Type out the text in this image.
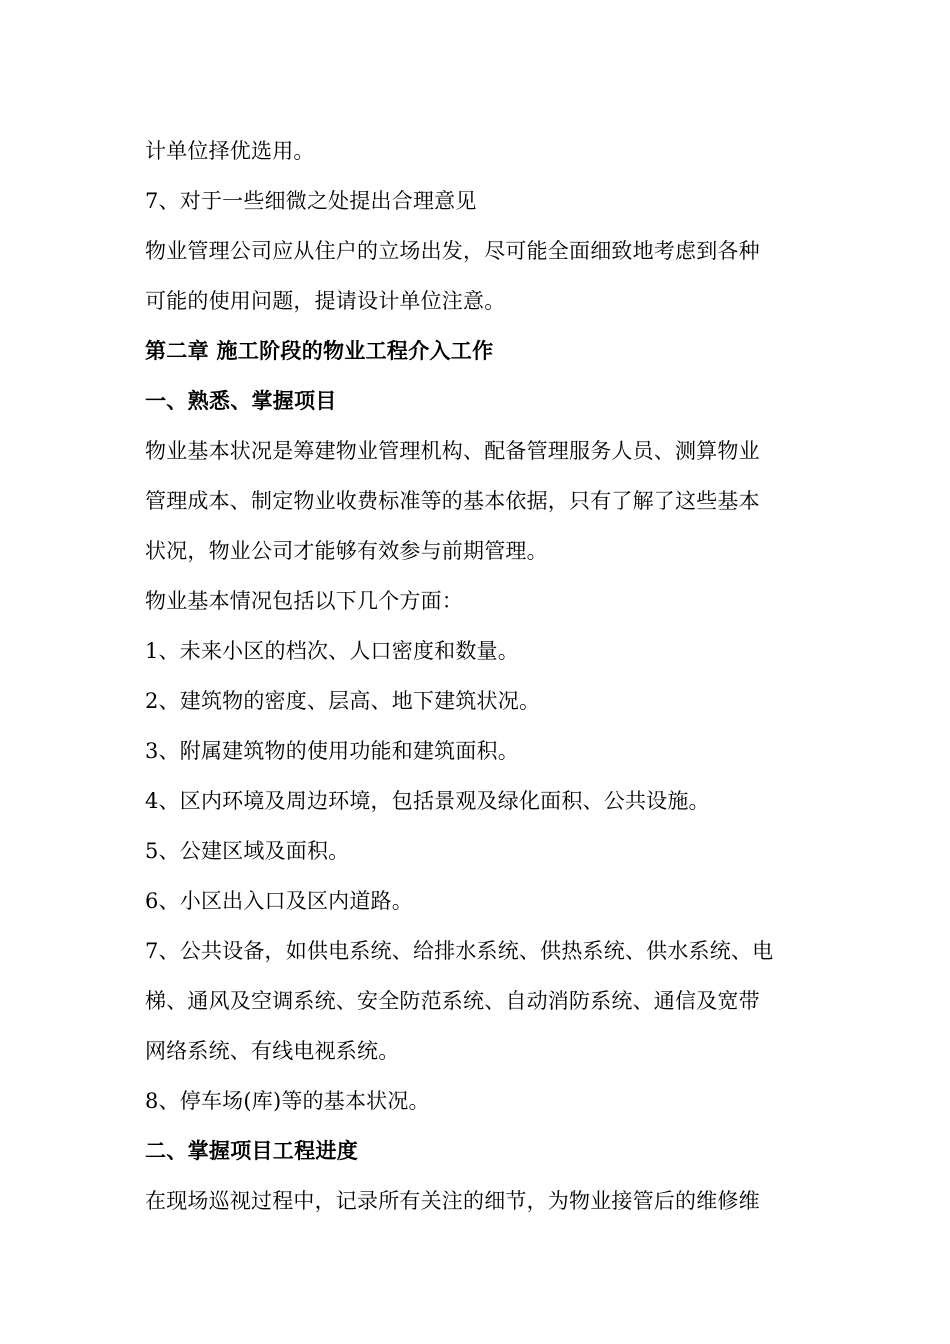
计单位择优选用。
7、对于一些细微之处提出合理意见
物业管理公司应从住户的立场出发，尽可能全面细致地考虑到各种
可能的使用问题，提请设计单位注意。
第二章 施工阶段的物业工程介入工作
一、熟悉、掌握项目
物业基本状况是筹建物业管理机构、配备管理服务人员、测算物业
管理成本、制定物业收费标准等的基本依据，只有了解了这些基本
状况，物业公司才能够有效参与前期管理。
物业基本情况包括以下几个方面：
1、未来小区的档次、人口密度和数量。
2、建筑物的密度、层高、地下建筑状况。
3、附属建筑物的使用功能和建筑面积。
4、区内环境及周边环境，包括景观及绿化面积、公共设施。
5、公建区域及面积。
6、小区出入口及区内道路。
7、公共设备，如供电系统、给排水系统、供热系统、供水系统、电
梯、通风及空调系统、安全防范系统、自动消防系统、通信及宽带
网络系统、有线电视系统。
8、停车场(库)等的基本状况。
二、掌握项目工程进度
在现场巡视过程中，记录所有关注的细节，为物业接管后的维修维
